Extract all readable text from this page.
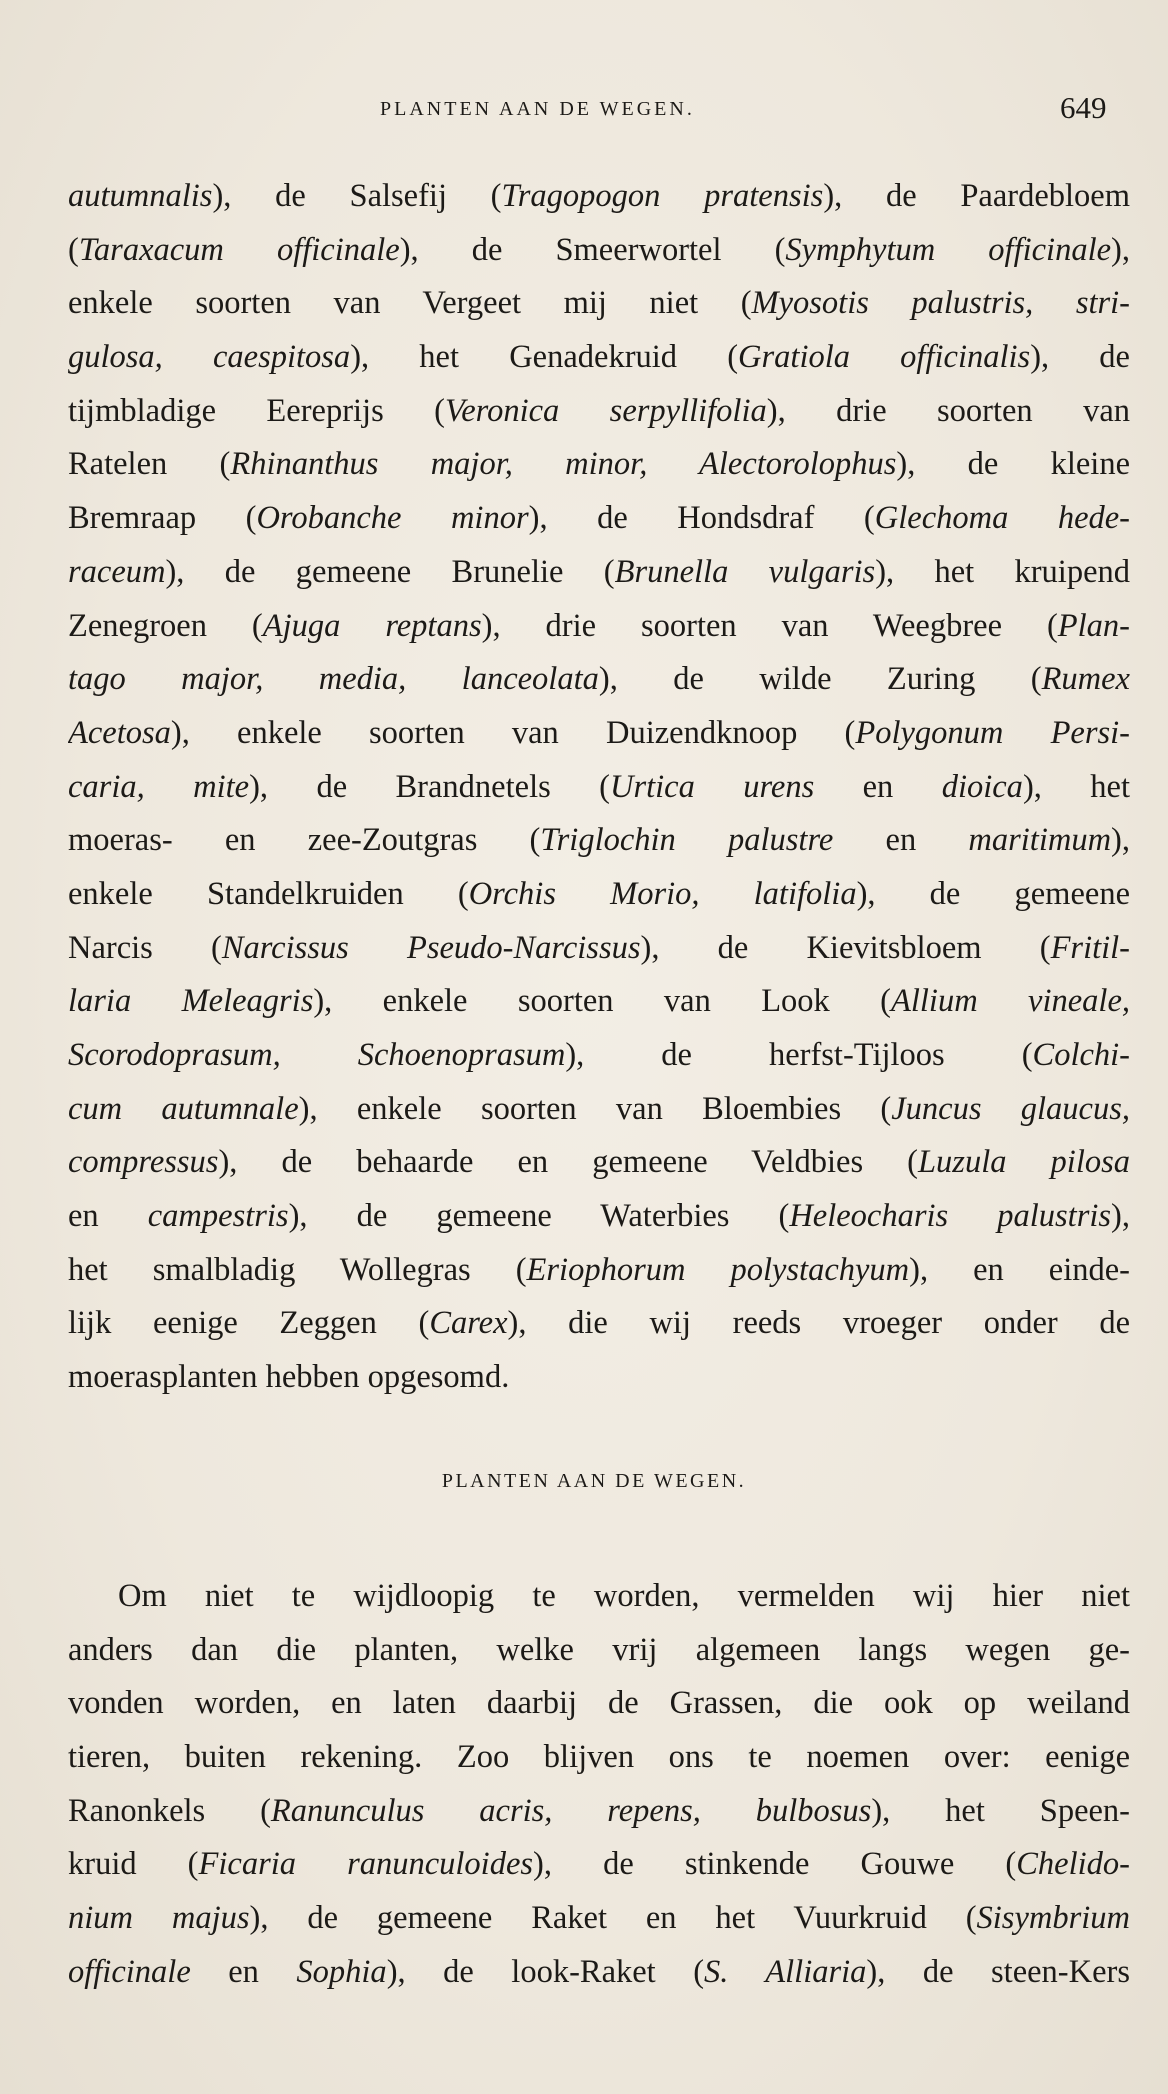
PLANTEN AAN DE WEGEN.	649
autumnalis), de Salsefij (Tragopogon pratensis), de Paardebloem
(Taraxacum officinale), de Smeerwortel (Symphytum officinale),
enkele soorten van Vergeet mij niet (Myosotis palustris, stri-
gulosa, caespitosa), het Genadekruid (Gratiola officinalis), de
tijmbladige Eereprijs (Veronica serpyllifolia), drie soorten van
Ratelen (Rhinanthus major, minor, Alectorolophus), de kleine
Bremraap (Orobanche minor), de Hondsdraf (Glechoma hede-
raceum), de gemeene Brunelie (Brunella vulgaris), het kruipend
Zenegroen (Ajuga reptans), drie soorten van Weegbree (Plan-
tago major, media, lanceolata), de wilde Zuring (Rumex
Acetosa), enkele soorten van Duizendknoop (Polygonum Persi-
caria, mite), de Brandnetels (Urtica urens en dioica), het
moeras- en zee-Zoutgras (Triglochin palustre en maritimum),
enkele Standelkruiden (Orchis Morio, latifolia), de gemeene
Narcis (Narcissus Pseudo-Narcissus), de Kievitsbloem (Fritil-
laria Meleagris), enkele soorten van Look (Allium vineale,
Scorodoprasum, Schoenoprasum), de herfst-Tijloos (Colchi-
cum autumnale), enkele soorten van Bloembies (Juncus glaucus,
compressus), de behaarde en gemeene Veldbies (Luzula pilosa
en campestris), de gemeene Waterbies (Heleocharis palustris),
het smalbladig Wollegras (Eriophorum polystachyum), en einde-
lijk eenige Zeggen (Carex), die wij reeds vroeger onder de
moerasplanten hebben opgesomd.
PLANTEN AAN DE WEGEN.
Om niet te wijdloopig te worden, vermelden wij hier niet
anders dan die planten, welke vrij algemeen langs wegen ge-
vonden worden, en laten daarbij de Grassen, die ook op weiland
tieren, buiten rekening. Zoo blijven ons te noemen over: eenige
Ranonkels (Ranunculus acris, repens, bulbosus), het Speen-
kruid (Ficaria ranunculoides), de stinkende Gouwe (Chelido-
nium majus), de gemeene Raket en het Vuurkruid (Sisymbrium
officinale en Sophia), de look-Raket (S. Alliaria), de steen-Kers
